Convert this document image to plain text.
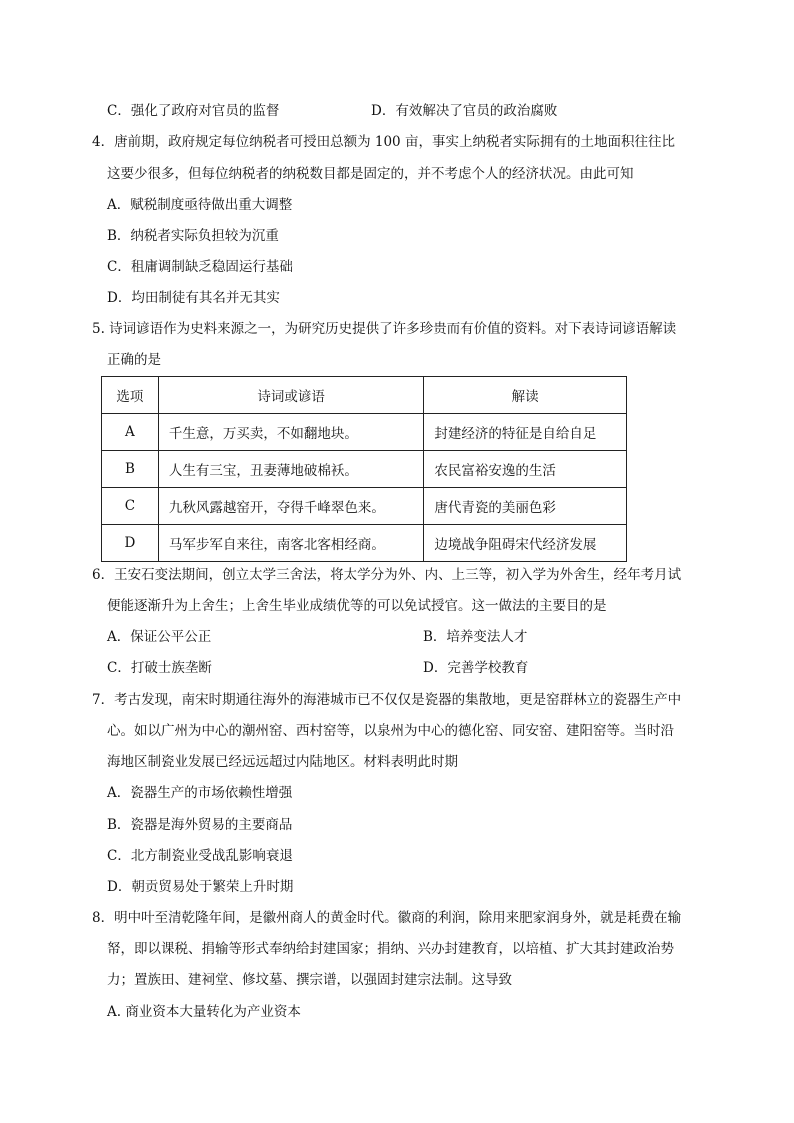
C．强化了政府对官员的监督	D．有效解决了官员的政治腐败
4．唐前期，政府规定每位纳税者可授田总额为 100 亩，事实上纳税者实际拥有的土地面积往往比
这要少很多，但每位纳税者的纳税数目都是固定的，并不考虑个人的经济状况。由此可知
A．赋税制度亟待做出重大调整
B．纳税者实际负担较为沉重
C．租庸调制缺乏稳固运行基础
D．均田制徒有其名并无其实
5. 诗词谚语作为史料来源之一，为研究历史提供了许多珍贵而有价值的资料。对下表诗词谚语解读
正确的是
选项	诗词或谚语	解读
A	千生意，万买卖，不如翻地块。	封建经济的特征是自给自足
B	人生有三宝，丑妻薄地破棉袄。	农民富裕安逸的生活
C	九秋风露越窑开，夺得千峰翠色来。	唐代青瓷的美丽色彩
D	马军步军自来往，南客北客相经商。	边境战争阻碍宋代经济发展
6．王安石变法期间，创立太学三舍法，将太学分为外、内、上三等，初入学为外舍生，经年考月试
便能逐渐升为上舍生；上舍生毕业成绩优等的可以免试授官。这一做法的主要目的是
A．保证公平公正	B．培养变法人才
C．打破士族垄断	D．完善学校教育
7．考古发现，南宋时期通往海外的海港城市已不仅仅是瓷器的集散地，更是窑群林立的瓷器生产中
心。如以广州为中心的潮州窑、西村窑等，以泉州为中心的德化窑、同安窑、建阳窑等。当时沿
海地区制瓷业发展已经远远超过内陆地区。材料表明此时期
A．瓷器生产的市场依赖性增强
B．瓷器是海外贸易的主要商品
C．北方制瓷业受战乱影响衰退
D．朝贡贸易处于繁荣上升时期
8．明中叶至清乾隆年间，是徽州商人的黄金时代。徽商的利润，除用来肥家润身外，就是耗费在输
帑，即以课税、捐输等形式奉纳给封建国家；捐纳、兴办封建教育，以培植、扩大其封建政治势
力；置族田、建祠堂、修坟墓、撰宗谱，以强固封建宗法制。这导致
A. 商业资本大量转化为产业资本
